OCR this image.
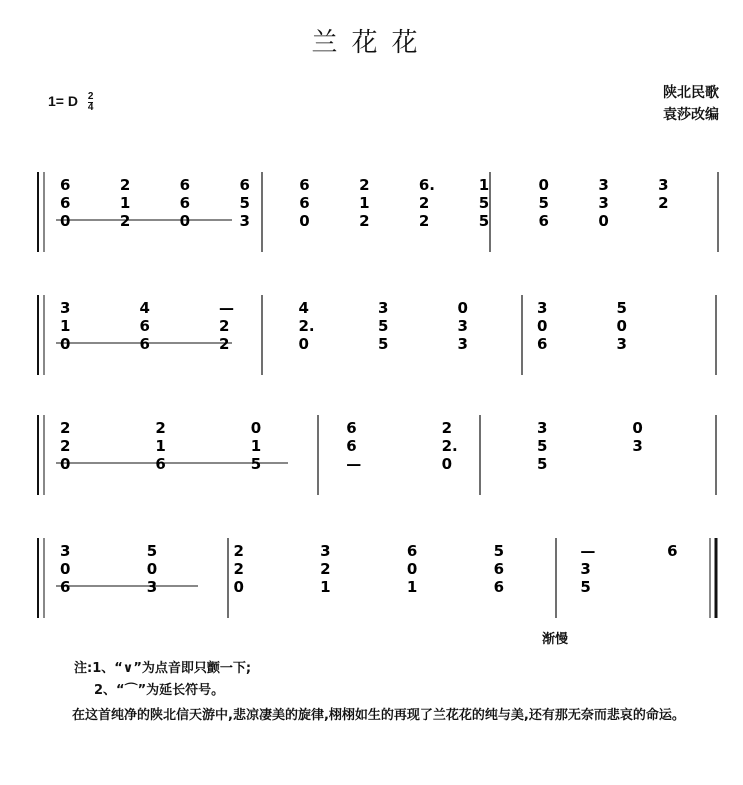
兰花花
1= D $\frac{2}{4}$	陕北民歌
袁莎改编
6
6
0
2
1
2
6
6
0
6
5
3
6
6
0
2
1
2
6.
2
2
1
5
5
0
5
6
3
3
0
3
2
3
1
0
4
6
6
—
2
2
4
2.
0
3
5
5
0
3
3
3
0
6
5
0
3
2
2
0
2
1
6
0
1
5
6
6
—
2
2.
0
3
5
5
0
3
3
0
6
5
0
3
2
2
0
3
2
1
6
0
1
5
6
6
—
3
5
6
渐慢
注:1、“∨”为点音即只颤一下;
2、“⌒”为延长符号。
在这首纯净的陕北信天游中,悲凉凄美的旋律,栩栩如生的再现了兰花花的纯与美,还有那无奈而悲哀的命运。
